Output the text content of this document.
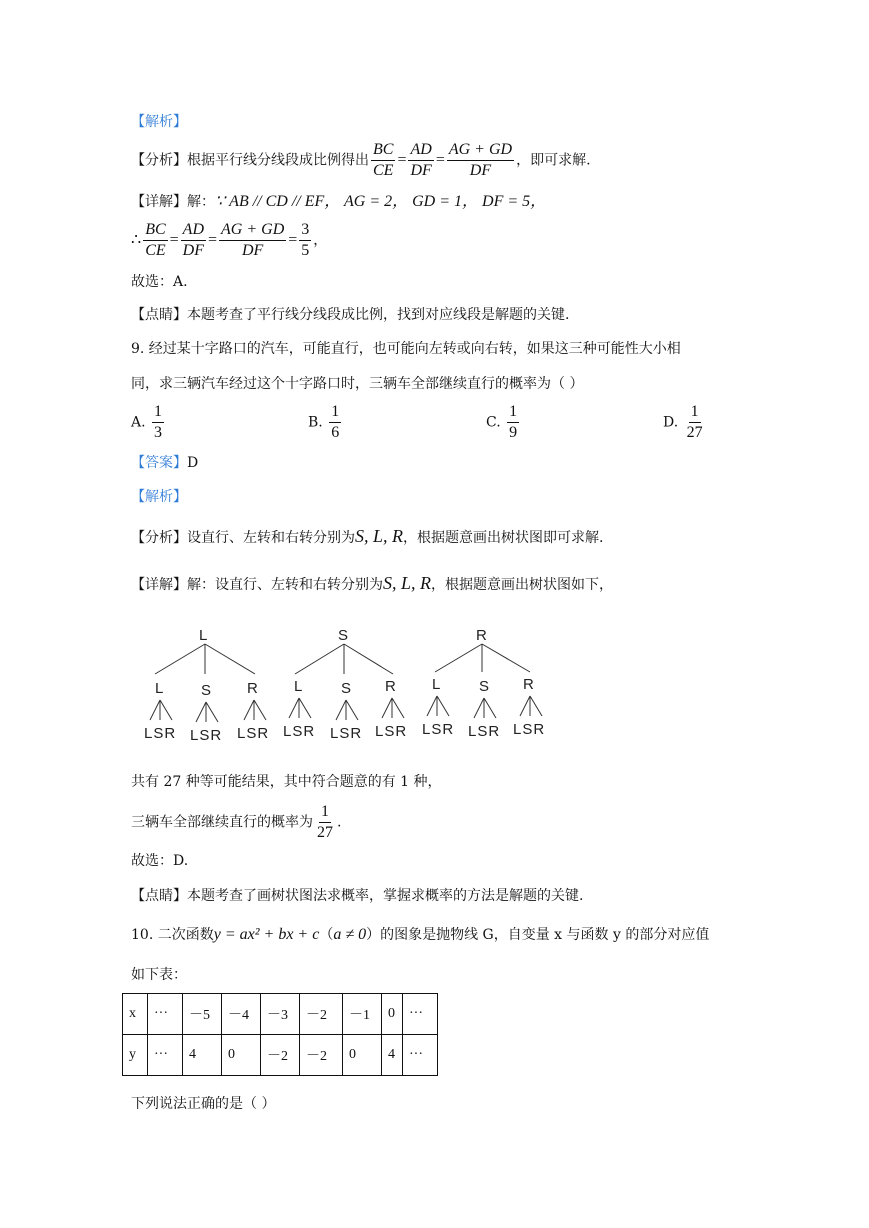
【解析】
【分析】根据平行线分线段成比例得出 $\frac{BC}{CE} = \frac{AD}{DF} = \frac{AG + GD}{DF}$ ，即可求解.
【详解】解：∵ AB // CD // EF， AG = 2， GD = 1， DF = 5，
∴ $\frac{BC}{CE} = \frac{AD}{DF} = \frac{AG + GD}{DF} = \frac{3}{5}$ ，
故选：A.
【点睛】本题考查了平行线分线段成比例，找到对应线段是解题的关键.
9. 经过某十字路口的汽车，可能直行，也可能向左转或向右转，如果这三种可能性大小相
同，求三辆汽车经过这个十字路口时，三辆车全部继续直行的概率为（ ）
A. $\frac{1}{3}$	B. $\frac{1}{6}$	C. $\frac{1}{9}$	D. $\frac{1}{27}$
【答案】D
【解析】
【分析】设直行、左转和右转分别为S, L, R，根据题意画出树状图即可求解.
【详解】解：设直行、左转和右转分别为S, L, R，根据题意画出树状图如下，
L	S	R
L	S R L	S R L	S R
LSR LSR LSR LSR LSR LSR LSR LSR LSR
共有 27 种等可能结果，其中符合题意的有 1 种，
三辆车全部继续直行的概率为 $\frac{1}{27}$ .
故选：D.
【点睛】本题考查了画树状图法求概率，掌握求概率的方法是解题的关键.
10. 二次函数y = ax² + bx + c（a ≠ 0）的图象是抛物线 G，自变量 x 与函数 y 的部分对应值
如下表：
x	···	－5	－4	－3	－2	－1	0	···
y	···	4	0	－2	－2	0	4	···
下列说法正确的是（ ）
